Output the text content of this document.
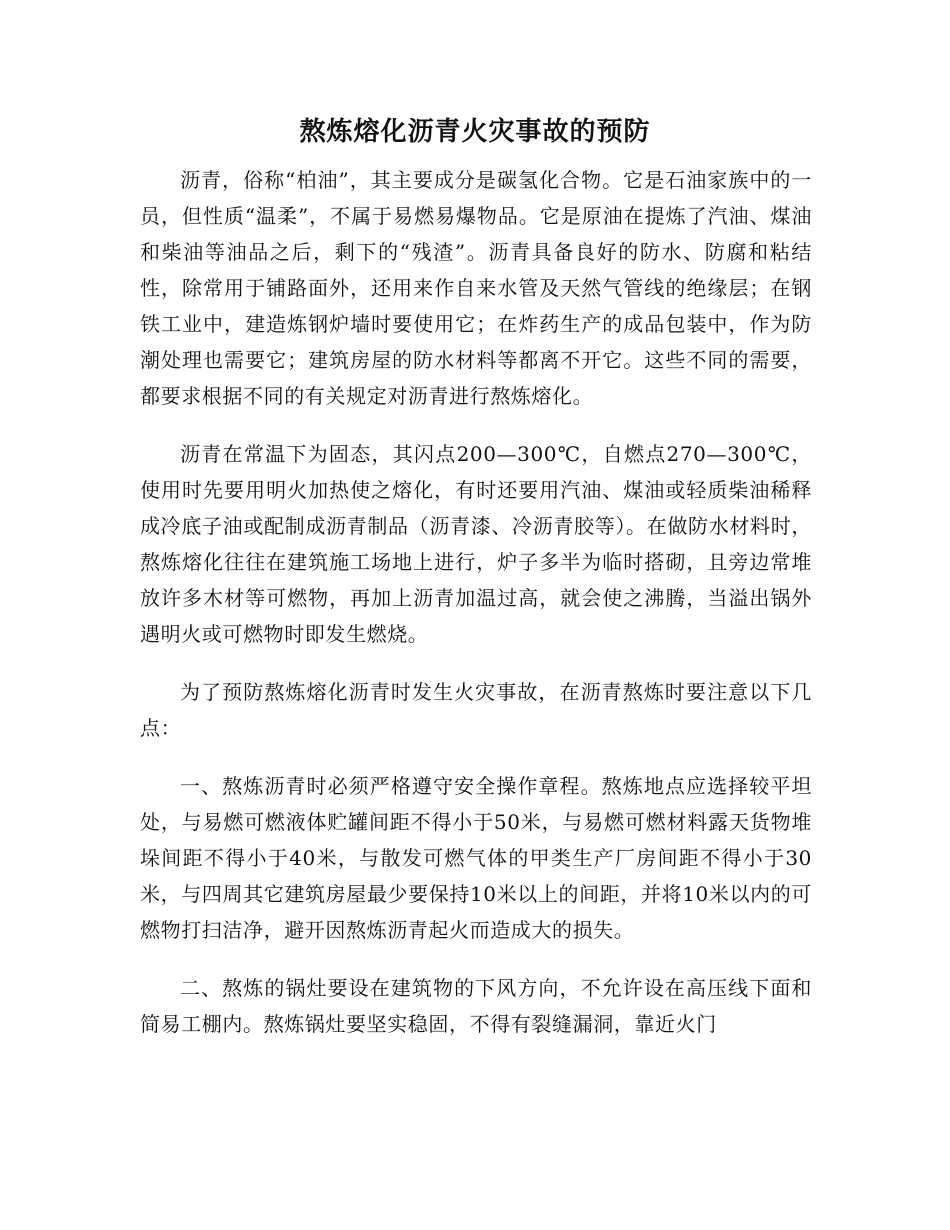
熬炼熔化沥青火灾事故的预防

沥青，俗称“柏油”，其主要成分是碳氢化合物。它是石油家族中的一员，但性质“温柔”，不属于易燃易爆物品。它是原油在提炼了汽油、煤油和柴油等油品之后，剩下的“残渣”。沥青具备良好的防水、防腐和粘结性，除常用于铺路面外，还用来作自来水管及天然气管线的绝缘层；在钢铁工业中，建造炼钢炉墙时要使用它；在炸药生产的成品包装中，作为防潮处理也需要它；建筑房屋的防水材料等都离不开它。这些不同的需要，都要求根据不同的有关规定对沥青进行熬炼熔化。

沥青在常温下为固态，其闪点200—300℃，自燃点270—300℃，使用时先要用明火加热使之熔化，有时还要用汽油、煤油或轻质柴油稀释成冷底子油或配制成沥青制品（沥青漆、冷沥青胶等）。在做防水材料时，熬炼熔化往往在建筑施工场地上进行，炉子多半为临时搭砌，且旁边常堆放许多木材等可燃物，再加上沥青加温过高，就会使之沸腾，当溢出锅外遇明火或可燃物时即发生燃烧。

为了预防熬炼熔化沥青时发生火灾事故，在沥青熬炼时要注意以下几点：

一、熬炼沥青时必须严格遵守安全操作章程。熬炼地点应选择较平坦处，与易燃可燃液体贮罐间距不得小于50米，与易燃可燃材料露天货物堆垛间距不得小于40米，与散发可燃气体的甲类生产厂房间距不得小于30米，与四周其它建筑房屋最少要保持10米以上的间距，并将10米以内的可燃物打扫洁净，避开因熬炼沥青起火而造成大的损失。

二、熬炼的锅灶要设在建筑物的下风方向，不允许设在高压线下面和简易工棚内。熬炼锅灶要坚实稳固，不得有裂缝漏洞，靠近火门
